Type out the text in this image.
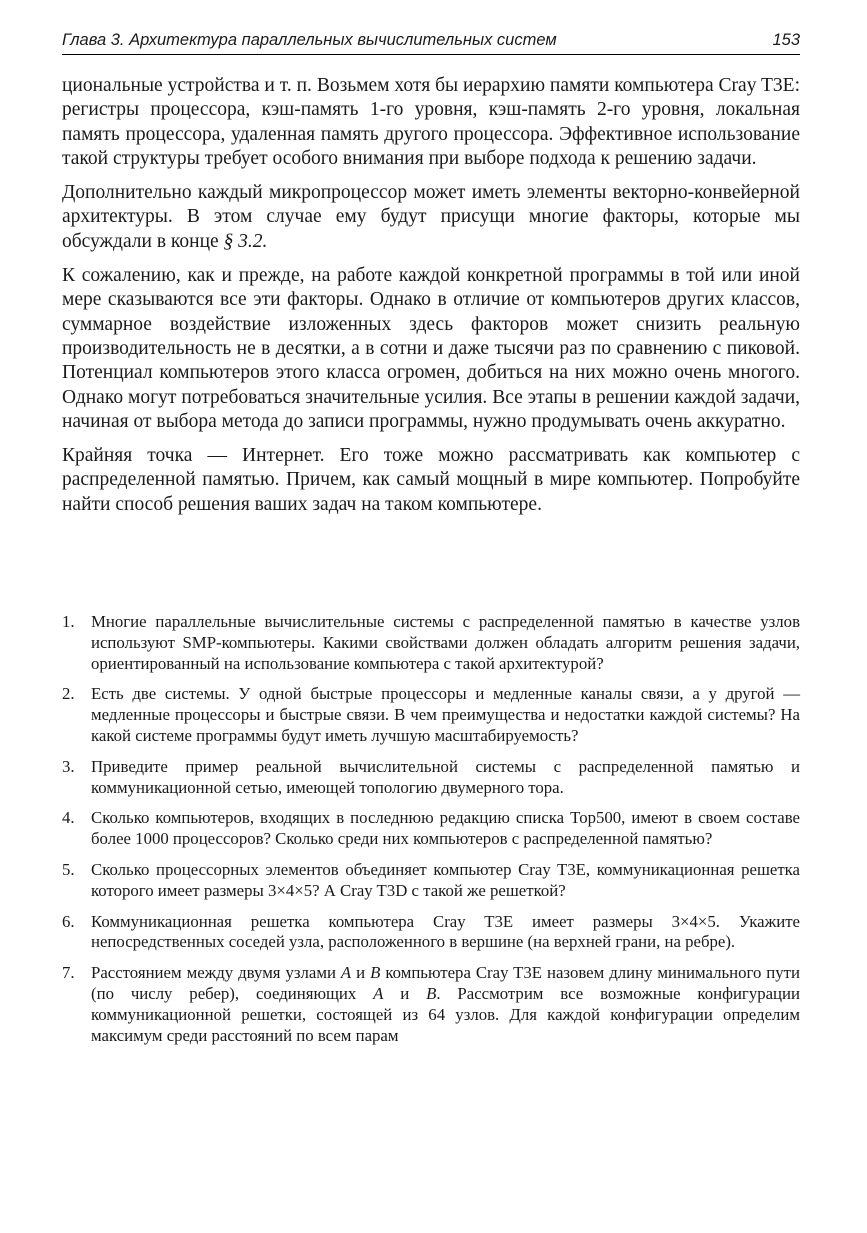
Глава 3. Архитектура параллельных вычислительных систем	153

циональные устройства и т. п. Возьмем хотя бы иерархию памяти компьютера Cray T3E: регистры процессора, кэш-память 1-го уровня, кэш-память 2-го уровня, локальная память процессора, удаленная память другого процессора. Эффективное использование такой структуры требует особого внимания при выборе подхода к решению задачи.

Дополнительно каждый микропроцессор может иметь элементы векторно-конвейерной архитектуры. В этом случае ему будут присущи многие факторы, которые мы обсуждали в конце § 3.2.

К сожалению, как и прежде, на работе каждой конкретной программы в той или иной мере сказываются все эти факторы. Однако в отличие от компьютеров других классов, суммарное воздействие изложенных здесь факторов может снизить реальную производительность не в десятки, а в сотни и даже тысячи раз по сравнению с пиковой. Потенциал компьютеров этого класса огромен, добиться на них можно очень многого. Однако могут потребоваться значительные усилия. Все этапы в решении каждой задачи, начиная от выбора метода до записи программы, нужно продумывать очень аккуратно.

Крайняя точка — Интернет. Его тоже можно рассматривать как компьютер с распределенной памятью. Причем, как самый мощный в мире компьютер. Попробуйте найти способ решения ваших задач на таком компьютере.

1. Многие параллельные вычислительные системы с распределенной памятью в качестве узлов используют SMP-компьютеры. Какими свойствами должен обладать алгоритм решения задачи, ориентированный на использование компьютера с такой архитектурой?
2. Есть две системы. У одной быстрые процессоры и медленные каналы связи, а у другой — медленные процессоры и быстрые связи. В чем преимущества и недостатки каждой системы? На какой системе программы будут иметь лучшую масштабируемость?
3. Приведите пример реальной вычислительной системы с распределенной памятью и коммуникационной сетью, имеющей топологию двумерного тора.
4. Сколько компьютеров, входящих в последнюю редакцию списка Top500, имеют в своем составе более 1000 процессоров? Сколько среди них компьютеров с распределенной памятью?
5. Сколько процессорных элементов объединяет компьютер Cray T3E, коммуникационная решетка которого имеет размеры 3×4×5? А Cray T3D с такой же решеткой?
6. Коммуникационная решетка компьютера Cray T3E имеет размеры 3×4×5. Укажите непосредственных соседей узла, расположенного в вершине (на верхней грани, на ребре).
7. Расстоянием между двумя узлами A и B компьютера Cray T3E назовем длину минимального пути (по числу ребер), соединяющих A и B. Рассмотрим все возможные конфигурации коммуникационной решетки, состоящей из 64 узлов. Для каждой конфигурации определим максимум среди расстояний по всем парам
